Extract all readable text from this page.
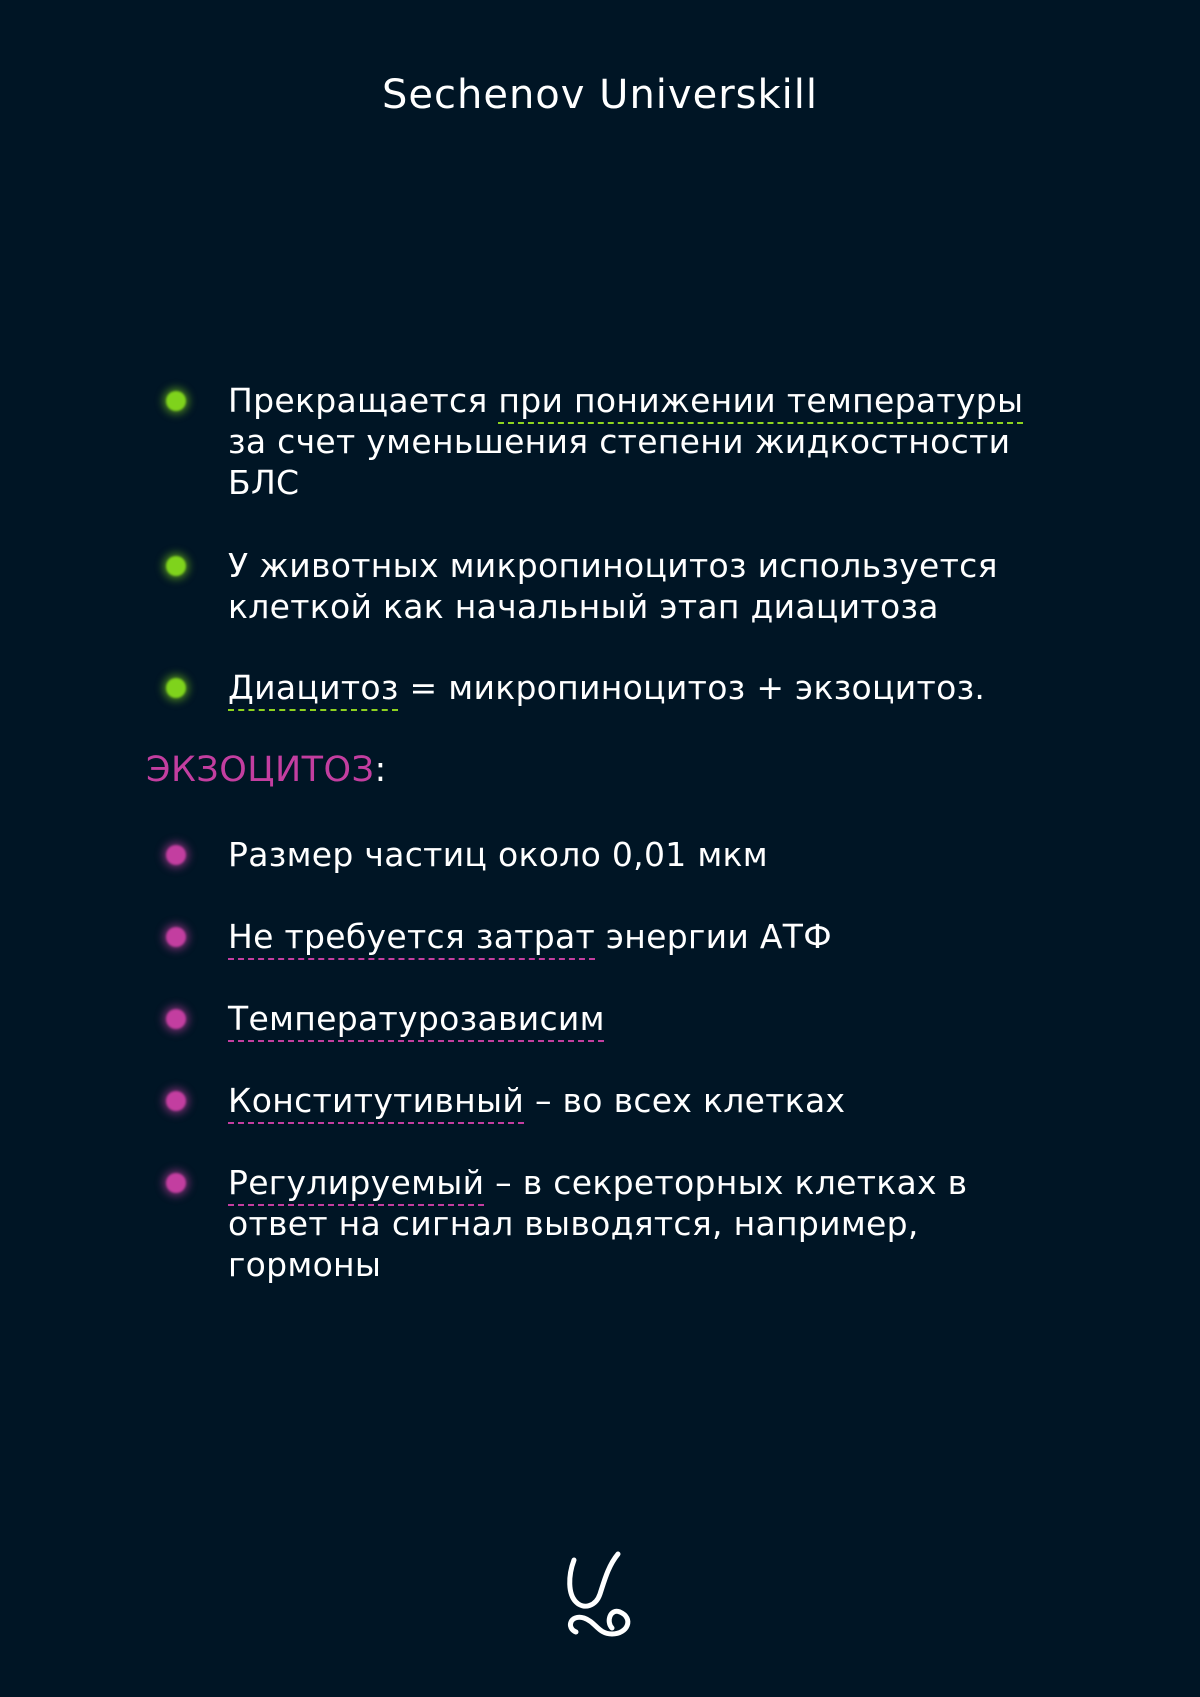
Sechenov Universkill
Прекращается при понижении температуры за счет уменьшения степени жидкостности БЛС
У животных микропиноцитоз используется клеткой как начальный этап диацитоза
Диацитоз = микропиноцитоз + экзоцитоз.
ЭКЗОЦИТОЗ:
Размер частиц около 0,01 мкм
Не требуется затрат энергии АТФ
Температурозависим
Конститутивный – во всех клетках
Регулируемый – в секреторных клетках в ответ на сигнал выводятся, например, гормоны
